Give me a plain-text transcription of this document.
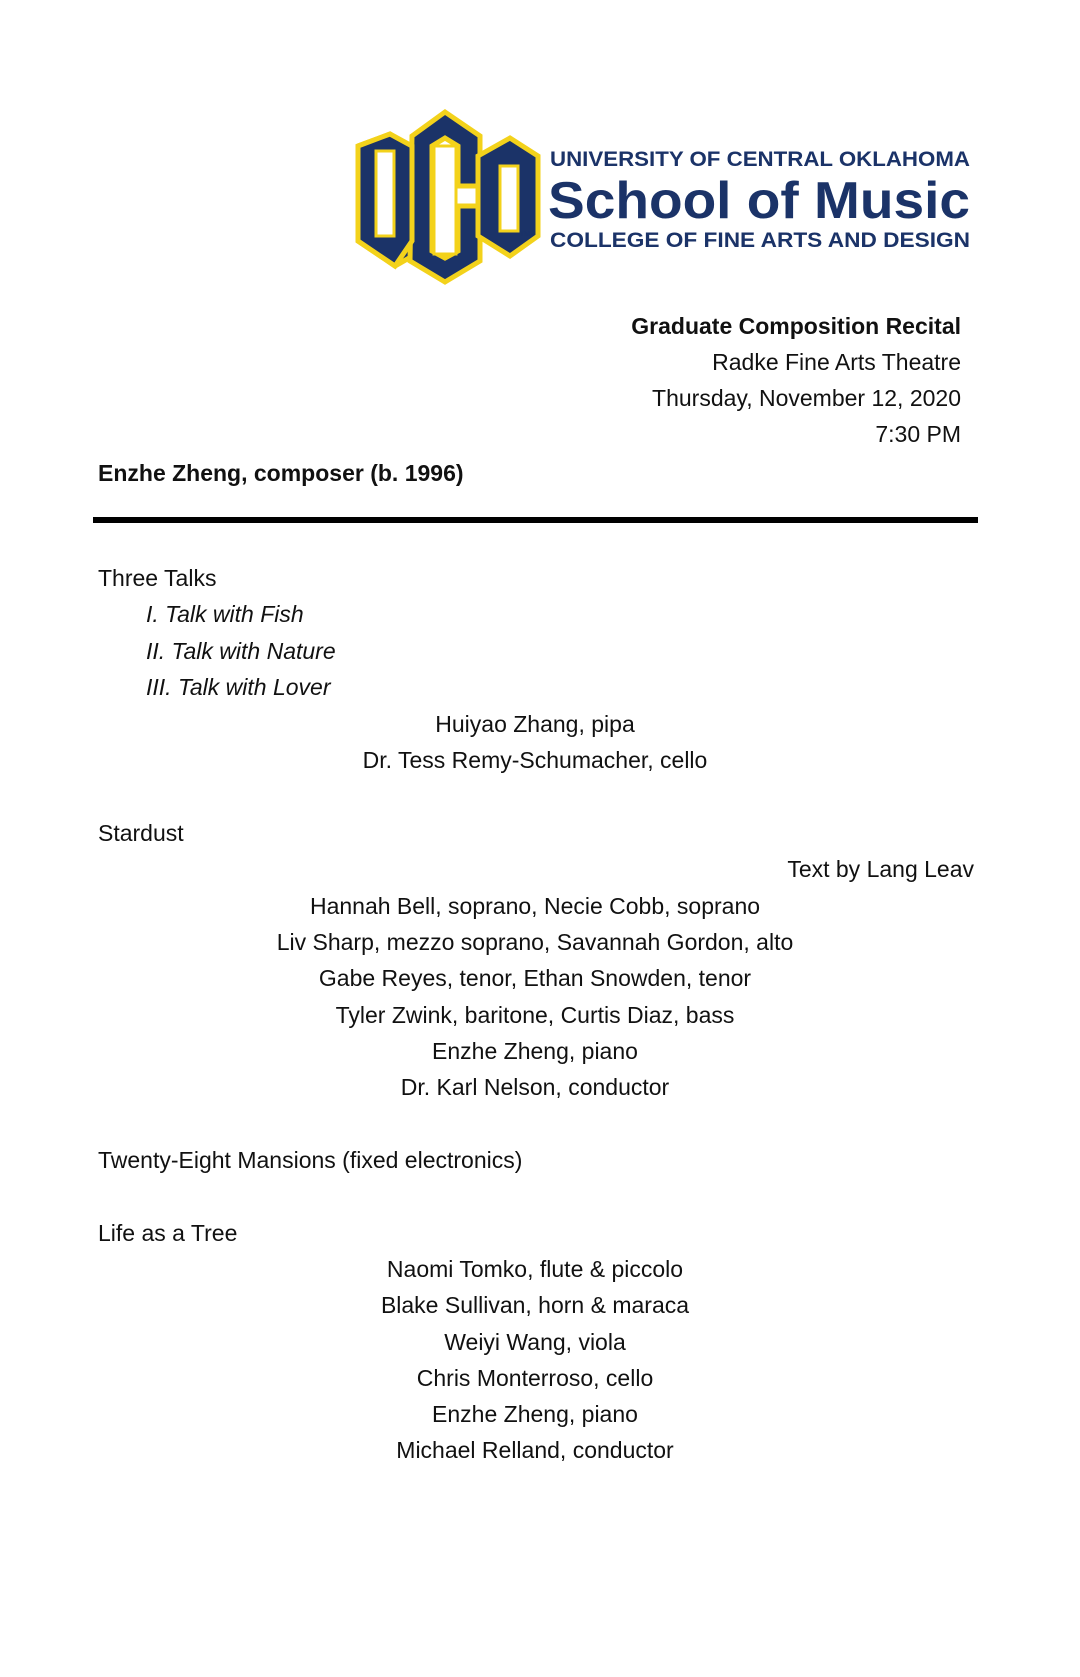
TM
UNIVERSITY OF CENTRAL OKLAHOMA
School of Music
COLLEGE OF FINE ARTS AND DESIGN
Graduate Composition Recital
Radke Fine Arts Theatre
Thursday, November 12, 2020
7:30 PM
Enzhe Zheng, composer (b. 1996)
Three Talks
I. Talk with Fish
II. Talk with Nature
III. Talk with Lover
Huiyao Zhang, pipa
Dr. Tess Remy-Schumacher, cello
Stardust
Text by Lang Leav
Hannah Bell, soprano, Necie Cobb, soprano
Liv Sharp, mezzo soprano, Savannah Gordon, alto
Gabe Reyes, tenor, Ethan Snowden, tenor
Tyler Zwink, baritone, Curtis Diaz, bass
Enzhe Zheng, piano
Dr. Karl Nelson, conductor
Twenty-Eight Mansions (fixed electronics)
Life as a Tree
Naomi Tomko, flute & piccolo
Blake Sullivan, horn & maraca
Weiyi Wang, viola
Chris Monterroso, cello
Enzhe Zheng, piano
Michael Relland, conductor
